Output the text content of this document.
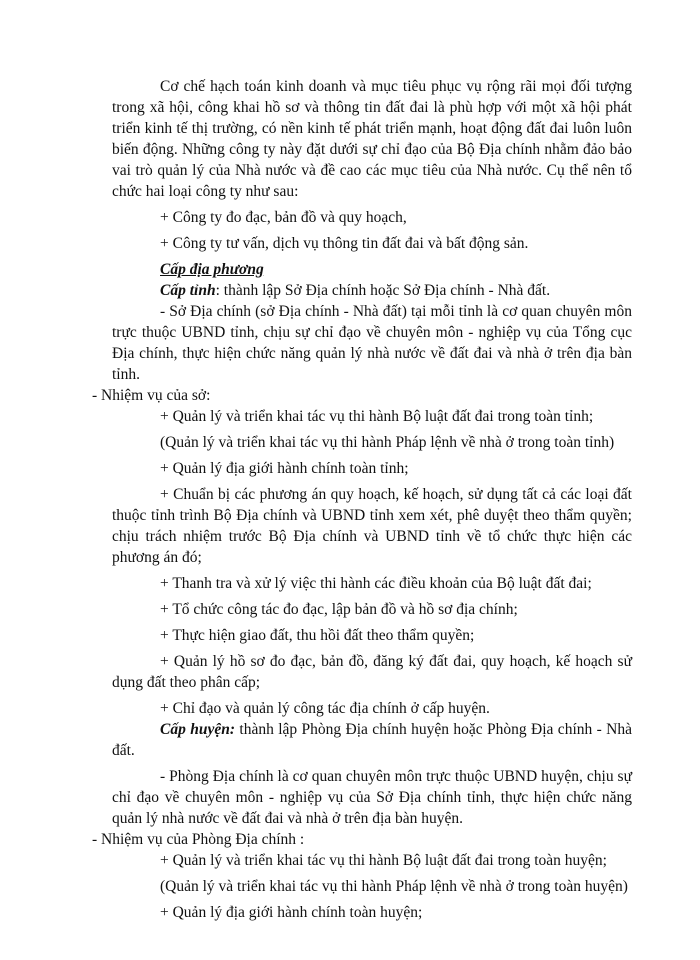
Cơ chế hạch toán kinh doanh và mục tiêu phục vụ rộng rãi mọi đối tượng trong xã hội, công khai hồ sơ và thông tin đất đai là phù hợp với một xã hội phát triển kinh tế thị trường, có nền kinh tế phát triển mạnh, hoạt động đất đai luôn luôn biến động. Những công ty này đặt dưới sự chỉ đạo của Bộ Địa chính nhằm đảo bảo vai trò quản lý của Nhà nước và đề cao các mục tiêu của Nhà nước. Cụ thể nên tổ chức hai loại công ty như sau:

+ Công ty đo đạc, bản đồ và quy hoạch,

+ Công ty tư vấn, dịch vụ thông tin đất đai và bất động sản.

Cấp địa phương

Cấp tỉnh: thành lập Sở Địa chính hoặc Sở Địa chính - Nhà đất.

- Sở Địa chính (sở Địa chính - Nhà đất) tại mỗi tỉnh là cơ quan chuyên môn trực thuộc UBND tỉnh, chịu sự chỉ đạo về chuyên môn - nghiệp vụ của Tổng cục Địa chính, thực hiện chức năng quản lý nhà nước về đất đai và nhà ở trên địa bàn tỉnh.

- Nhiệm vụ của sở:

+ Quản lý và triển khai tác vụ thi hành Bộ luật đất đai trong toàn tỉnh;

(Quản lý và triển khai tác vụ thi hành Pháp lệnh về nhà ở trong toàn tỉnh)

+ Quản lý địa giới hành chính toàn tỉnh;

+ Chuẩn bị các phương án quy hoạch, kế hoạch, sử dụng tất cả các loại đất thuộc tỉnh trình Bộ Địa chính và UBND tỉnh xem xét, phê duyệt theo thẩm quyền; chịu trách nhiệm trước Bộ Địa chính và UBND tỉnh về tổ chức thực hiện các phương án đó;

+ Thanh tra và xử lý việc thi hành các điều khoản của Bộ luật đất đai;

+ Tổ chức công tác đo đạc, lập bản đồ và hồ sơ địa chính;

+ Thực hiện giao đất, thu hồi đất theo thẩm quyền;

+ Quản lý hồ sơ đo đạc, bản đồ, đăng ký đất đai, quy hoạch, kế hoạch sử dụng đất theo phân cấp;

+ Chỉ đạo và quản lý công tác địa chính ở cấp huyện.

Cấp huyện: thành lập Phòng Địa chính huyện hoặc Phòng Địa chính - Nhà đất.

- Phòng Địa chính là cơ quan chuyên môn trực thuộc UBND huyện, chịu sự chỉ đạo về chuyên môn - nghiệp vụ của Sở Địa chính tỉnh, thực hiện chức năng quản lý nhà nước về đất đai và nhà ở trên địa bàn huyện.

- Nhiệm vụ của Phòng Địa chính :

+ Quản lý và triển khai tác vụ thi hành Bộ luật đất đai trong toàn huyện;

(Quản lý và triển khai tác vụ thi hành Pháp lệnh về nhà ở trong toàn huyện)

+ Quản lý địa giới hành chính toàn huyện;
